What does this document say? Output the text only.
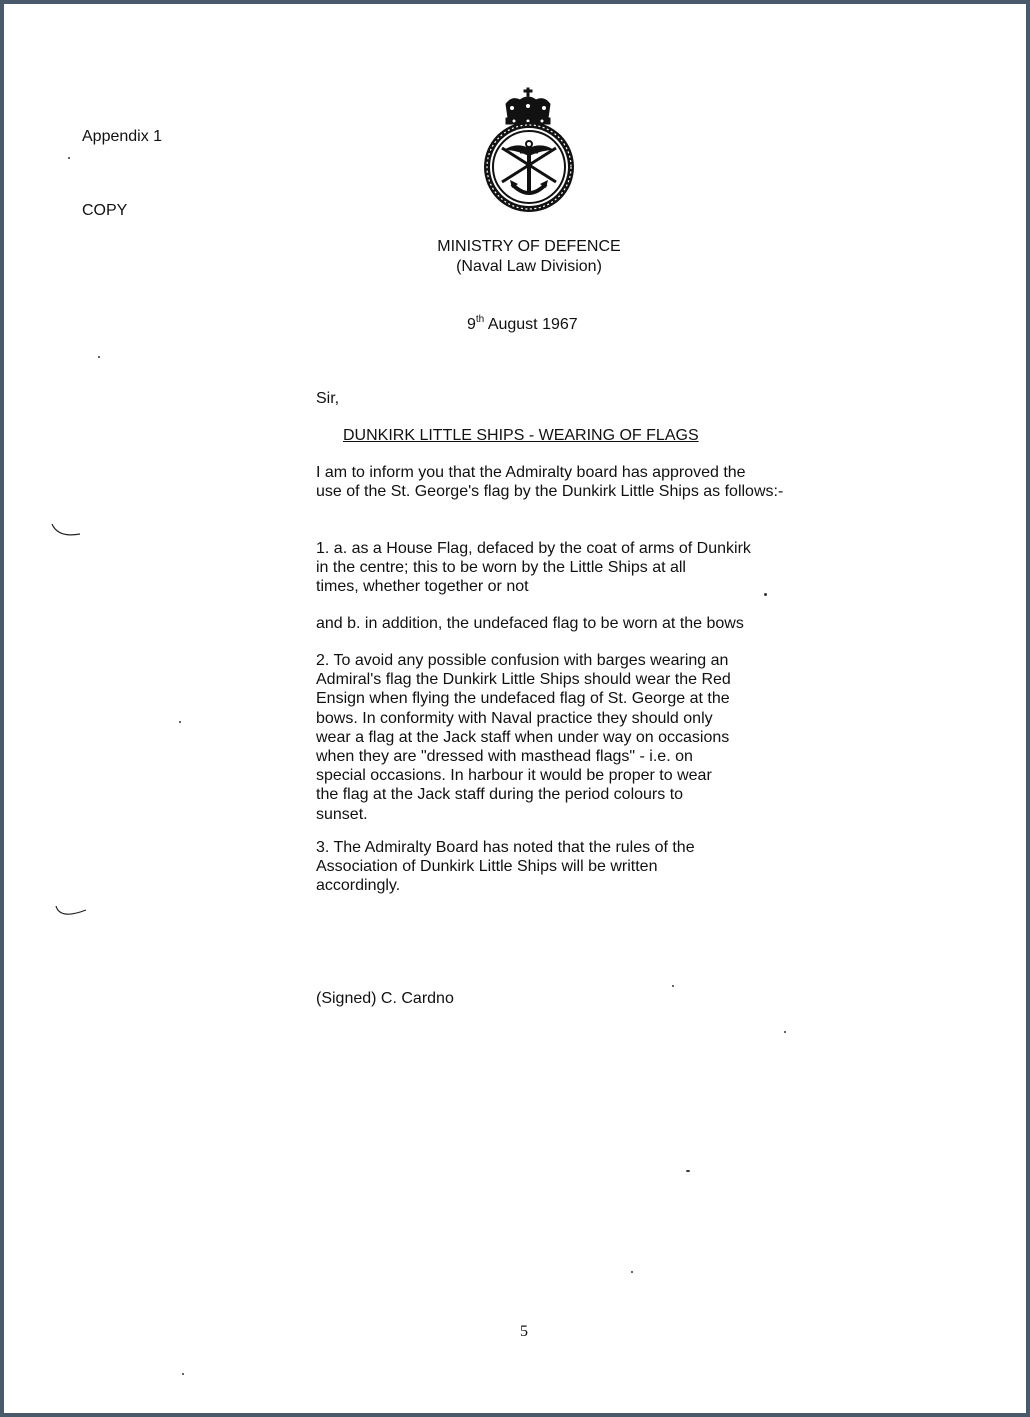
Appendix 1
COPY
MINISTRY OF DEFENCE
(Naval Law Division)
9th August 1967
Sir,
DUNKIRK LITTLE SHIPS - WEARING OF FLAGS
I am to inform you that the Admiralty board has approved the
use of the St. George's flag by the Dunkirk Little Ships as follows:-
1. a. as a House Flag, defaced by the coat of arms of Dunkirk
in the centre; this to be worn by the Little Ships at all
times, whether together or not
and b. in addition, the undefaced flag to be worn at the bows
2. To avoid any possible confusion with barges wearing an
Admiral's flag the Dunkirk Little Ships should wear the Red
Ensign when flying the undefaced flag of St. George at the
bows. In conformity with Naval practice they should only
wear a flag at the Jack staff when under way on occasions
when they are "dressed with masthead flags" - i.e. on
special occasions. In harbour it would be proper to wear
the flag at the Jack staff during the period colours to
sunset.
3. The Admiralty Board has noted that the rules of the
Association of Dunkirk Little Ships will be written
accordingly.
(Signed) C. Cardno
5
